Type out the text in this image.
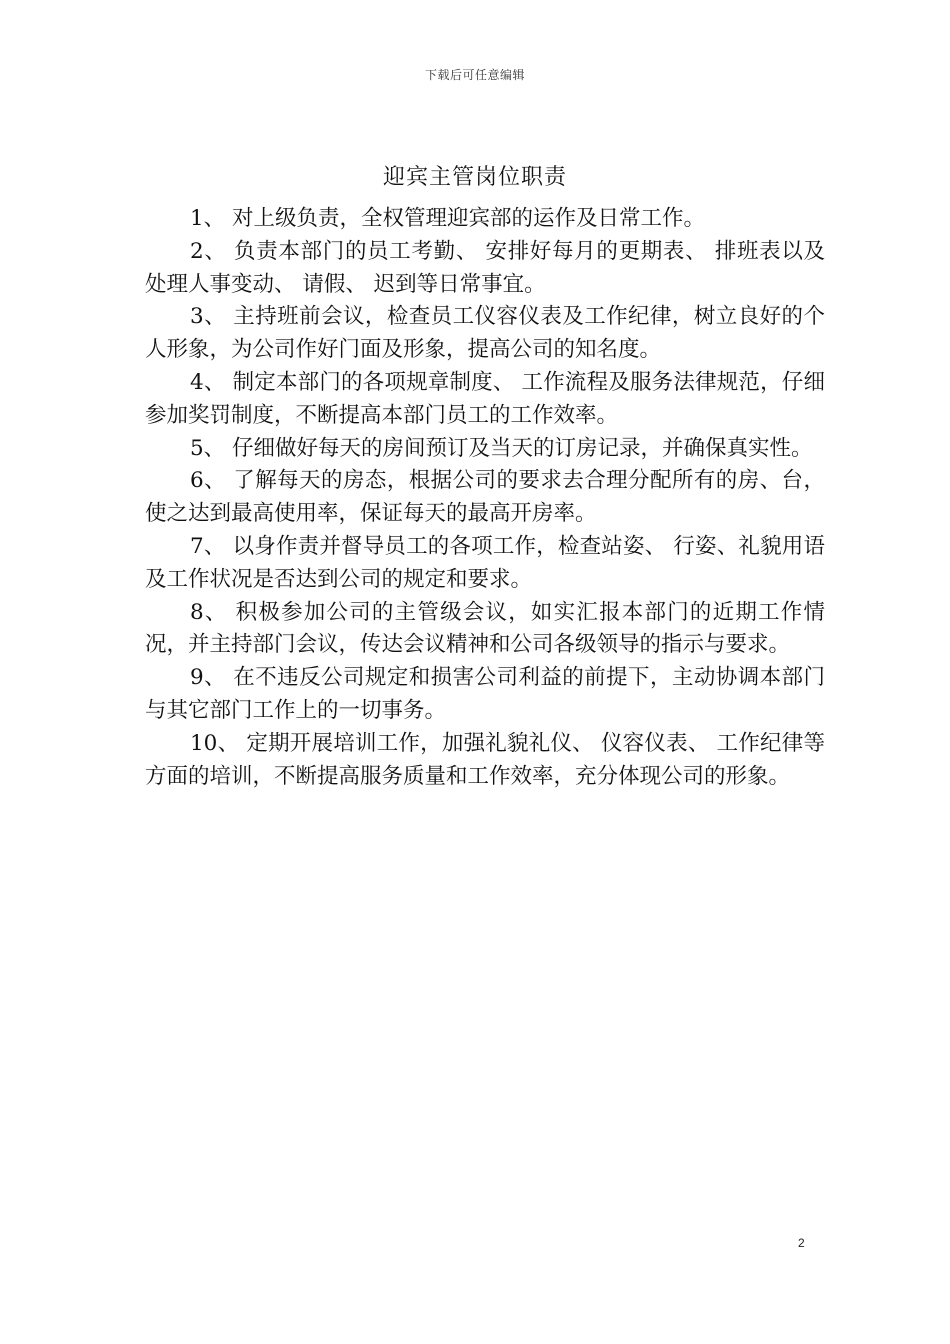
下载后可任意编辑
迎宾主管岗位职责

1、 对上级负责，全权管理迎宾部的运作及日常工作。

2、 负责本部门的员工考勤、 安排好每月的更期表、 排班表以及处理人事变动、 请假、 迟到等日常事宜。

3、 主持班前会议，检查员工仪容仪表及工作纪律，树立良好的个人形象，为公司作好门面及形象，提高公司的知名度。

4、 制定本部门的各项规章制度、 工作流程及服务法律规范，仔细参加奖罚制度，不断提高本部门员工的工作效率。

5、 仔细做好每天的房间预订及当天的订房记录，并确保真实性。

6、 了解每天的房态，根据公司的要求去合理分配所有的房、台，使之达到最高使用率，保证每天的最高开房率。

7、 以身作责并督导员工的各项工作，检查站姿、 行姿、礼貌用语及工作状况是否达到公司的规定和要求。

8、 积极参加公司的主管级会议，如实汇报本部门的近期工作情况，并主持部门会议，传达会议精神和公司各级领导的指示与要求。

9、 在不违反公司规定和损害公司利益的前提下，主动协调本部门与其它部门工作上的一切事务。

10、 定期开展培训工作，加强礼貌礼仪、 仪容仪表、 工作纪律等方面的培训，不断提高服务质量和工作效率，充分体现公司的形象。

2
